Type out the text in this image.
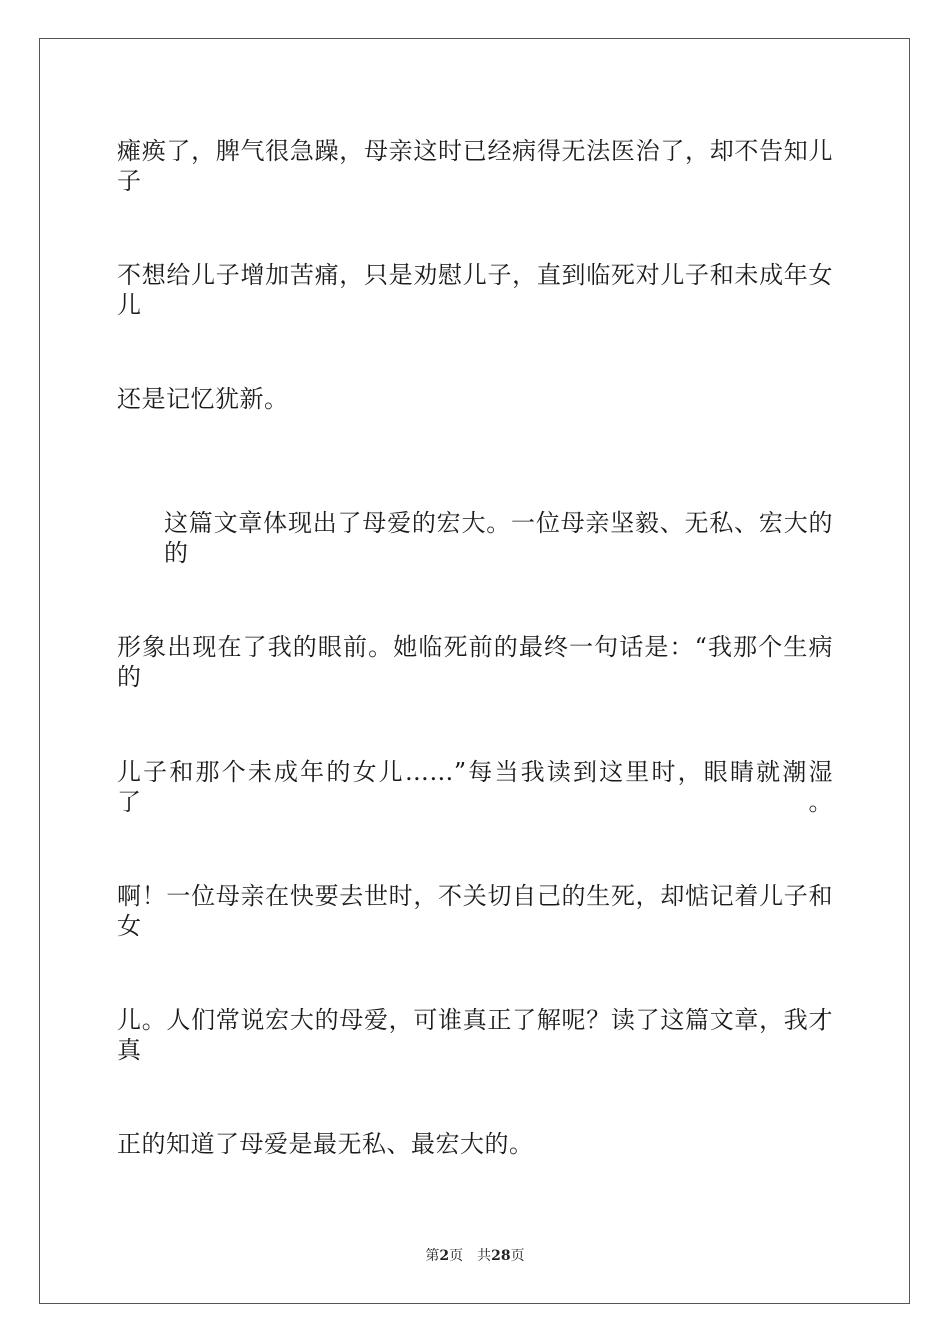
瘫痪了，脾气很急躁，母亲这时已经病得无法医治了，却不告知儿子
不想给儿子增加苦痛，只是劝慰儿子，直到临死对儿子和未成年女儿
还是记忆犹新。
这篇文章体现出了母爱的宏大。一位母亲坚毅、无私、宏大的的
形象出现在了我的眼前。她临死前的最终一句话是：“我那个生病的
儿子和那个未成年的女儿……”每当我读到这里时，眼睛就潮湿了。
啊！一位母亲在快要去世时，不关切自己的生死，却惦记着儿子和女
儿。人们常说宏大的母爱，可谁真正了解呢？读了这篇文章，我才真
正的知道了母爱是最无私、最宏大的。
第2页 共28页
